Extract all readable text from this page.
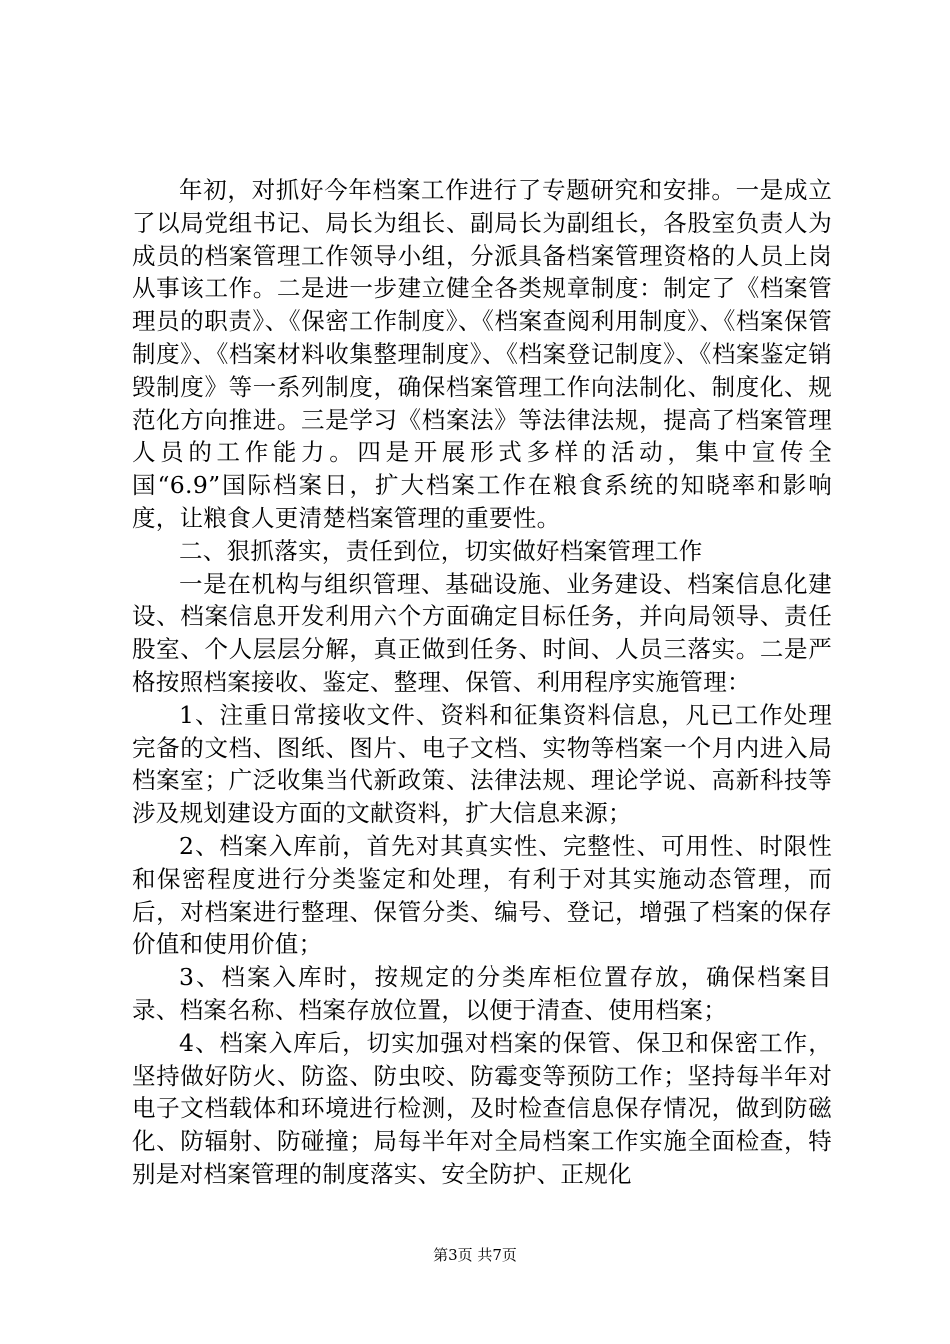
年初，对抓好今年档案工作进行了专题研究和安排。一是成立了以局党组书记、局长为组长、副局长为副组长，各股室负责人为成员的档案管理工作领导小组，分派具备档案管理资格的人员上岗从事该工作。二是进一步建立健全各类规章制度：制定了《档案管理员的职责》、《保密工作制度》、《档案查阅利用制度》、《档案保管制度》、《档案材料收集整理制度》、《档案登记制度》、《档案鉴定销毁制度》等一系列制度，确保档案管理工作向法制化、制度化、规范化方向推进。三是学习《档案法》等法律法规，提高了档案管理人员的工作能力。四是开展形式多样的活动，集中宣传全国“6.9”国际档案日，扩大档案工作在粮食系统的知晓率和影响度，让粮食人更清楚档案管理的重要性。

二、狠抓落实，责任到位，切实做好档案管理工作

一是在机构与组织管理、基础设施、业务建设、档案信息化建设、档案信息开发利用六个方面确定目标任务，并向局领导、责任股室、个人层层分解，真正做到任务、时间、人员三落实。二是严格按照档案接收、鉴定、整理、保管、利用程序实施管理：

1、注重日常接收文件、资料和征集资料信息，凡已工作处理完备的文档、图纸、图片、电子文档、实物等档案一个月内进入局档案室；广泛收集当代新政策、法律法规、理论学说、高新科技等涉及规划建设方面的文献资料，扩大信息来源；

2、档案入库前，首先对其真实性、完整性、可用性、时限性和保密程度进行分类鉴定和处理，有利于对其实施动态管理，而后，对档案进行整理、保管分类、编号、登记，增强了档案的保存价值和使用价值；

3、档案入库时，按规定的分类库柜位置存放，确保档案目录、档案名称、档案存放位置，以便于清查、使用档案；

4、档案入库后，切实加强对档案的保管、保卫和保密工作，坚持做好防火、防盗、防虫咬、防霉变等预防工作；坚持每半年对电子文档载体和环境进行检测，及时检查信息保存情况，做到防磁化、防辐射、防碰撞；局每半年对全局档案工作实施全面检查，特别是对档案管理的制度落实、安全防护、正规化

第3页 共7页
